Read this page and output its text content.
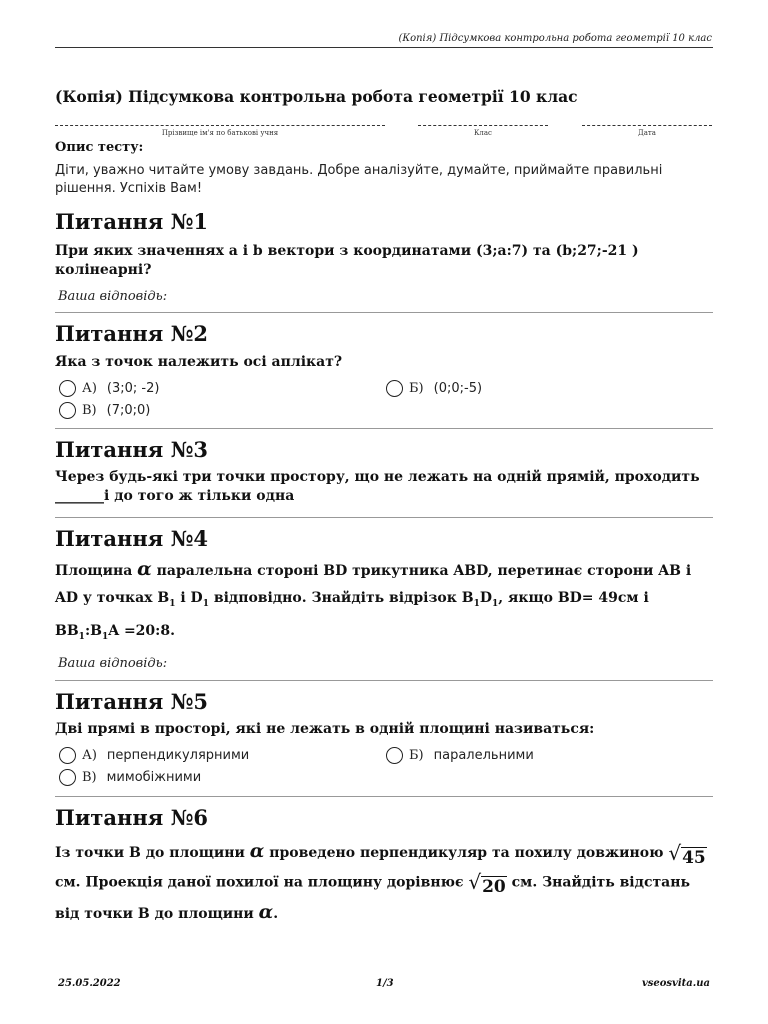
(Копія) Підсумкова контрольна робота геометрії 10 клас
(Копія) Підсумкова контрольна робота геометрії 10 клас
Прізвище ім'я по батькові учня	Клас	Дата
Опис тесту:
Діти, уважно читайте умову завдань. Добре аналізуйте, думайте, приймайте правильні рішення. Успіхів Вам!
Питання №1
При яких значеннях а і b вектори з координатами (3;а:7) та (b;27;-21 ) колінеарні?
Ваша відповідь:
Питання №2
Яка з точок належить осі аплікат?
А) (3;0; -2)	Б) (0;0;-5)
В) (7;0;0)
Питання №3
Через будь-які три точки простору, що не лежать на одній прямій, проходить _______і до того ж тільки одна
Питання №4
Площина α паралельна стороні BD трикутника ABD, перетинає сторони AB і AD у точках $B_1$ і $D_1$ відповідно. Знайдіть відрізок $B_1D_1$, якщо BD= 49см і $BB_1:B_1A$ =20:8.
Ваша відповідь:
Питання №5
Дві прямі в просторі, які не лежать в одній площині називаться:
А) перпендикулярними	Б) паралельними
В) мимобіжними
Питання №6
Із точки В до площини α проведено перпендикуляр та похилу довжиною √ 45
см. Проекція даної похилої на площину дорівнює √ 20 см. Знайдіть відстань від точки В до площини α.
25.05.2022	1/3	vseosvita.ua
